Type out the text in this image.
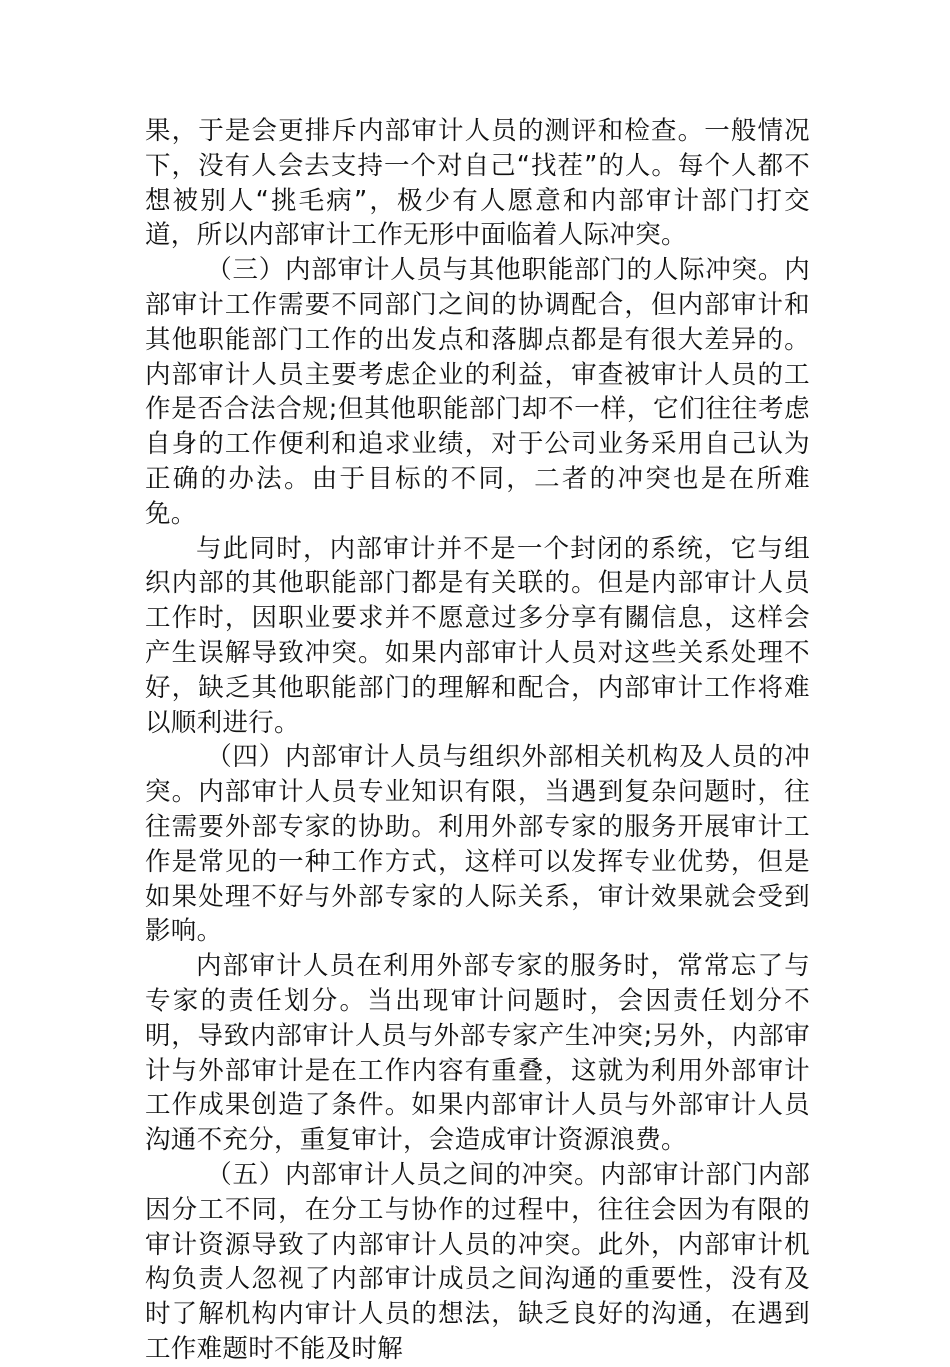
果，于是会更排斥内部审计人员的测评和检查。一般情况下，没有人会去支持一个对自己“找茬”的人。每个人都不想被别人“挑毛病”，极少有人愿意和内部审计部门打交道，所以内部审计工作无形中面临着人际冲突。

（三）内部审计人员与其他职能部门的人际冲突。内部审计工作需要不同部门之间的协调配合，但内部审计和其他职能部门工作的出发点和落脚点都是有很大差异的。内部审计人员主要考虑企业的利益，审查被审计人员的工作是否合法合规;但其他职能部门却不一样，它们往往考虑自身的工作便利和追求业绩，对于公司业务采用自己认为正确的办法。由于目标的不同，二者的冲突也是在所难免。

与此同时，内部审计并不是一个封闭的系统，它与组织内部的其他职能部门都是有关联的。但是内部审计人员工作时，因职业要求并不愿意过多分享有關信息，这样会产生误解导致冲突。如果内部审计人员对这些关系处理不好，缺乏其他职能部门的理解和配合，内部审计工作将难以顺利进行。

（四）内部审计人员与组织外部相关机构及人员的冲突。内部审计人员专业知识有限，当遇到复杂问题时，往往需要外部专家的协助。利用外部专家的服务开展审计工作是常见的一种工作方式，这样可以发挥专业优势，但是如果处理不好与外部专家的人际关系，审计效果就会受到影响。

内部审计人员在利用外部专家的服务时，常常忘了与专家的责任划分。当出现审计问题时，会因责任划分不明，导致内部审计人员与外部专家产生冲突;另外，内部审计与外部审计是在工作内容有重叠，这就为利用外部审计工作成果创造了条件。如果内部审计人员与外部审计人员沟通不充分，重复审计，会造成审计资源浪费。

（五）内部审计人员之间的冲突。内部审计部门内部因分工不同，在分工与协作的过程中，往往会因为有限的审计资源导致了内部审计人员的冲突。此外，内部审计机构负责人忽视了内部审计成员之间沟通的重要性，没有及时了解机构内审计人员的想法，缺乏良好的沟通，在遇到工作难题时不能及时解
